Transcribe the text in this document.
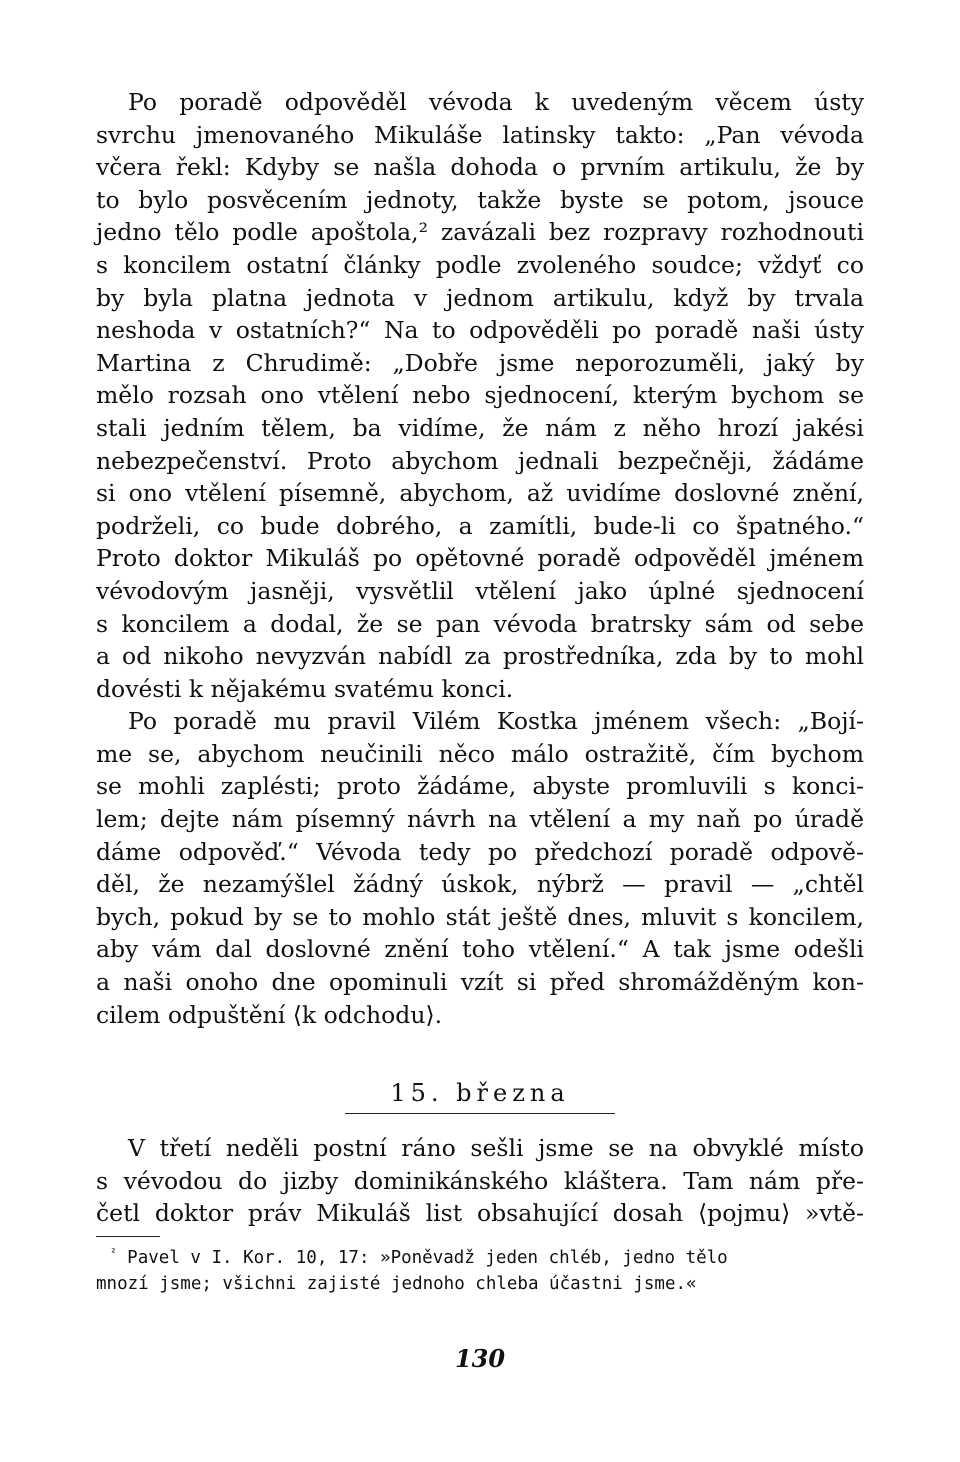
Po poradě odpověděl vévoda k uvedeným věcem ústy
svrchu jmenovaného Mikuláše latinsky takto: „Pan vévoda
včera řekl: Kdyby se našla dohoda o prvním artikulu, že by
to bylo posvěcením jednoty, takže byste se potom, jsouce
jedno tělo podle apoštola,² zavázali bez rozpravy rozhodnouti
s koncilem ostatní články podle zvoleného soudce; vždyť co
by byla platna jednota v jednom artikulu, když by trvala
neshoda v ostatních?“ Na to odpověděli po poradě naši ústy
Martina z Chrudimě: „Dobře jsme neporozuměli, jaký by
mělo rozsah ono vtělení nebo sjednocení, kterým bychom se
stali jedním tělem, ba vidíme, že nám z něho hrozí jakési
nebezpečenství. Proto abychom jednali bezpečněji, žádáme
si ono vtělení písemně, abychom, až uvidíme doslovné znění,
podrželi, co bude dobrého, a zamítli, bude-li co špatného.“
Proto doktor Mikuláš po opětovné poradě odpověděl jménem
vévodovým jasněji, vysvětlil vtělení jako úplné sjednocení
s koncilem a dodal, že se pan vévoda bratrsky sám od sebe
a od nikoho nevyzván nabídl za prostředníka, zda by to mohl
dovésti k nějakému svatému konci.
Po poradě mu pravil Vilém Kostka jménem všech: „Bojí-
me se, abychom neučinili něco málo ostražitě, čím bychom
se mohli zaplésti; proto žádáme, abyste promluvili s konci-
lem; dejte nám písemný návrh na vtělení a my naň po úradě
dáme odpověď.“ Vévoda tedy po předchozí poradě odpově-
děl, že nezamýšlel žádný úskok, nýbrž — pravil — „chtěl
bych, pokud by se to mohlo stát ještě dnes, mluvit s koncilem,
aby vám dal doslovné znění toho vtělení.“ A tak jsme odešli
a naši onoho dne opominuli vzít si před shromážděným kon-
cilem odpuštění ⟨k odchodu⟩.
15. března
V třetí neděli postní ráno sešli jsme se na obvyklé místo
s vévodou do jizby dominikánského kláštera. Tam nám pře-
četl doktor práv Mikuláš list obsahující dosah ⟨pojmu⟩ »vtě-
$^{^2}$ Pavel v I. Kor. 10, 17: »Poněvadž jeden chléb, jedno tělo
mnozí jsme; všichni zajisté jednoho chleba účastni jsme.«
130
